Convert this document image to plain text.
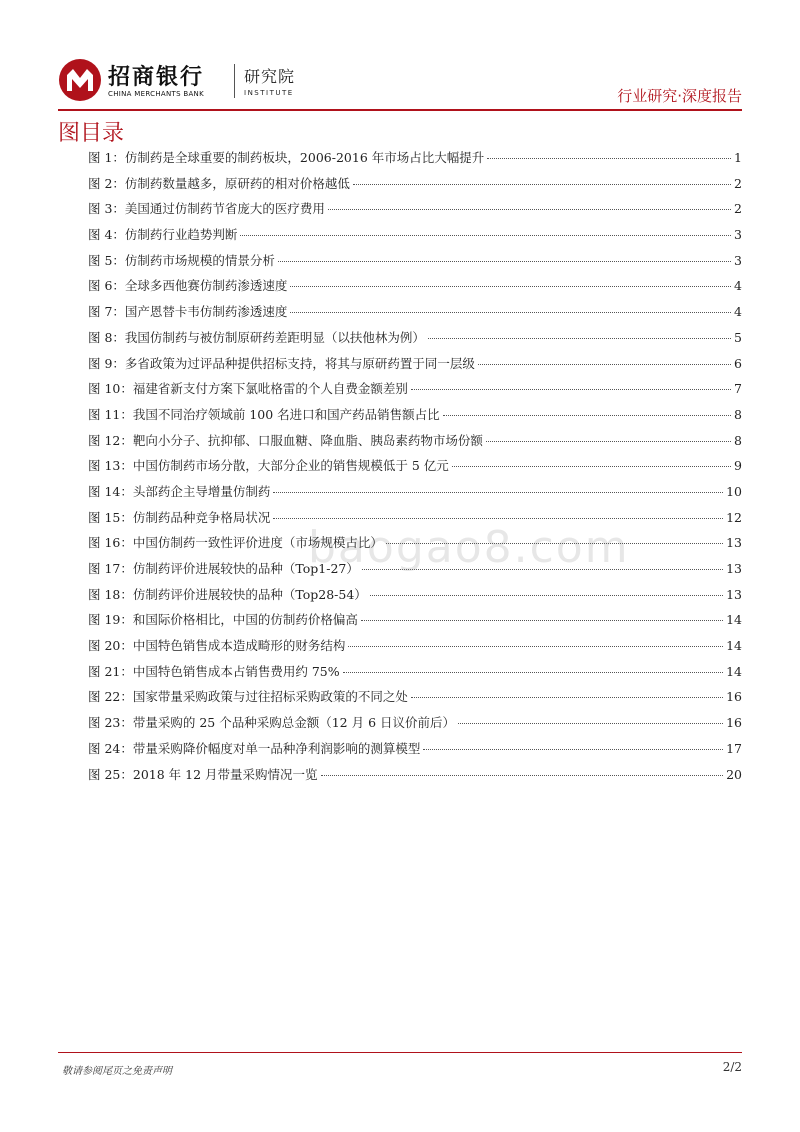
招商银行
CHINA MERCHANTS BANK
研究院
INSTITUTE	行业研究·深度报告
图目录
图 1：仿制药是全球重要的制药板块，2006-2016 年市场占比大幅提升	1
图 2：仿制药数量越多，原研药的相对价格越低	2
图 3：美国通过仿制药节省庞大的医疗费用	2
图 4：仿制药行业趋势判断	3
图 5：仿制药市场规模的情景分析	3
图 6：全球多西他赛仿制药渗透速度	4
图 7：国产恩替卡韦仿制药渗透速度	4
图 8：我国仿制药与被仿制原研药差距明显（以扶他林为例）	5
图 9：多省政策为过评品种提供招标支持，将其与原研药置于同一层级	6
图 10：福建省新支付方案下氯吡格雷的个人自费金额差别	7
图 11：我国不同治疗领域前 100 名进口和国产药品销售额占比	8
图 12：靶向小分子、抗抑郁、口服血糖、降血脂、胰岛素药物市场份额	8
图 13：中国仿制药市场分散，大部分企业的销售规模低于 5 亿元	9
图 14：头部药企主导增量仿制药	10
图 15：仿制药品种竞争格局状况	12
图 16：中国仿制药一致性评价进度（市场规模占比）	13
图 17：仿制药评价进展较快的品种（Top1-27）	13
图 18：仿制药评价进展较快的品种（Top28-54）	13
图 19：和国际价格相比，中国的仿制药价格偏高	14
图 20：中国特色销售成本造成畸形的财务结构	14
图 21：中国特色销售成本占销售费用约 75%	14
图 22：国家带量采购政策与过往招标采购政策的不同之处	16
图 23：带量采购的 25 个品种采购总金额（12 月 6 日议价前后）	16
图 24：带量采购降价幅度对单一品种净利润影响的测算模型	17
图 25：2018 年 12 月带量采购情况一览	20
baogao8.com
敬请参阅尾页之免责声明	2/2
